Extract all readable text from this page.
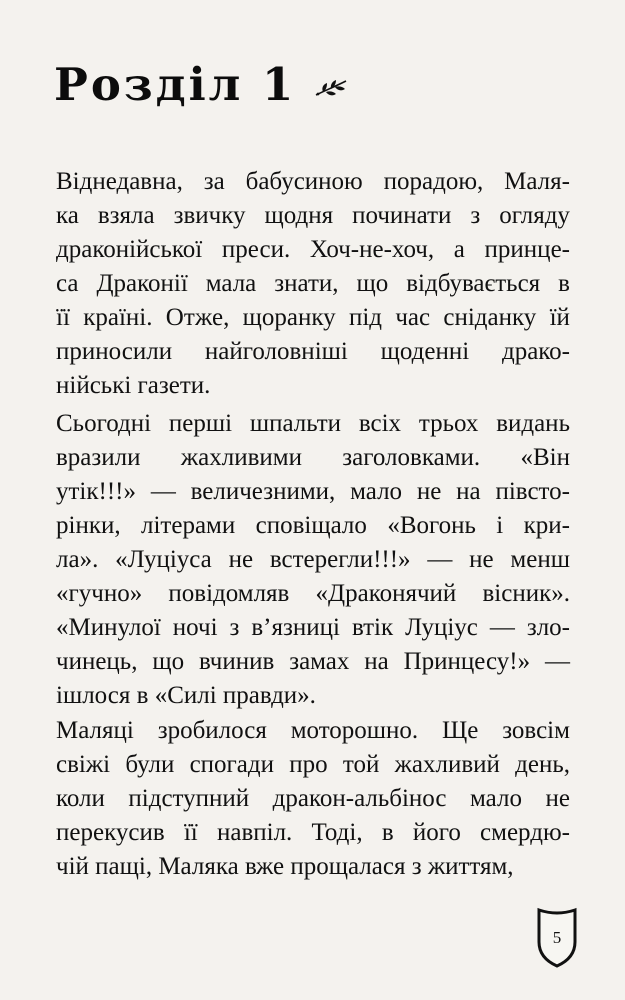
Розділ 1
Віднедавна, за бабусиною порадою, Маля-
ка взяла звичку щодня починати з огляду
драконійської преси. Хоч-не-хоч, а принце-
са Драконії мала знати, що відбувається в
її країні. Отже, щоранку під час сніданку їй
приносили найголовніші щоденні драко-
нійські газети.
Сьогодні перші шпальти всіх трьох видань
вразили жахливими заголовками. «Він
утік!!!» — величезними, мало не на півсто-
рінки, літерами сповіщало «Вогонь і кри-
ла». «Луціуса не встерегли!!!» — не менш
«гучно» повідомляв «Драконячий вісник».
«Минулої ночі з в’язниці втік Луціус — зло-
чинець, що вчинив замах на Принцесу!» —
ішлося в «Силі правди».
Маляці зробилося моторошно. Ще зовсім
свіжі були спогади про той жахливий день,
коли підступний дракон-альбінос мало не
перекусив її навпіл. Тоді, в його смердю-
чій пащі, Маляка вже прощалася з життям,
5
